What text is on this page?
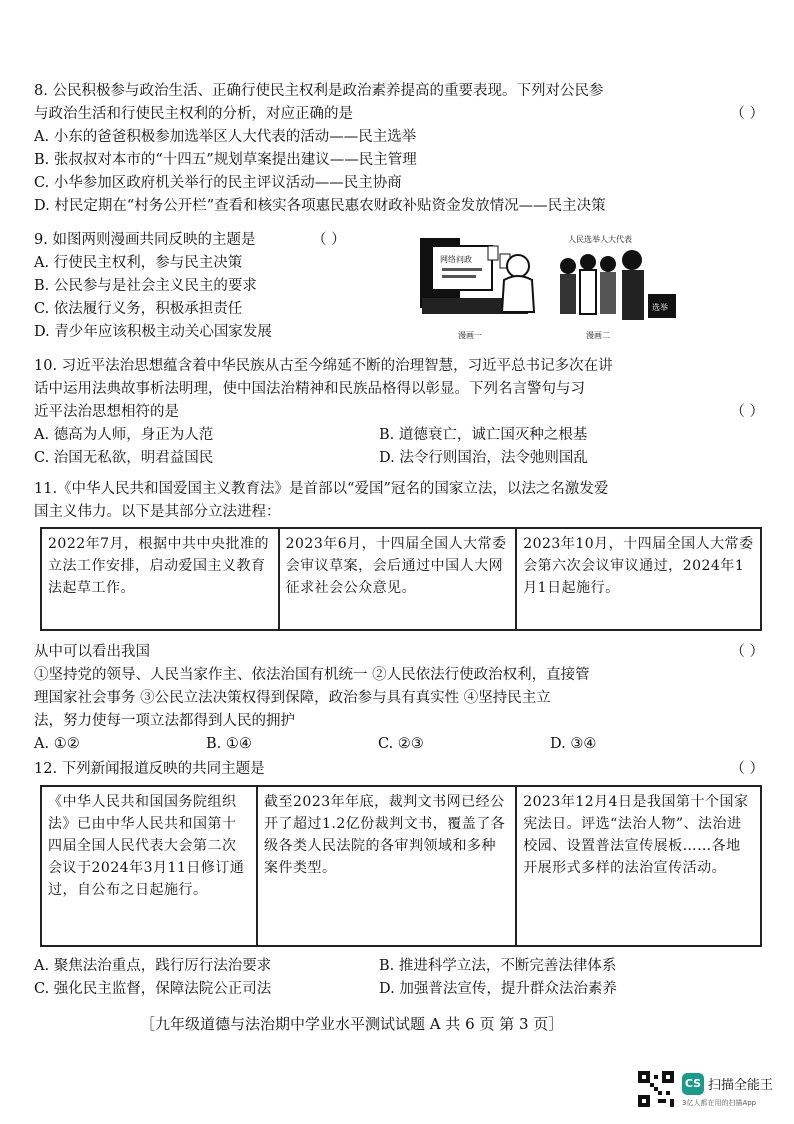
8. 公民积极参与政治生活、正确行使民主权利是政治素养提高的重要表现。下列对公民参
与政治生活和行使民主权利的分析，对应正确的是	（ ）
A. 小东的爸爸积极参加选举区人大代表的活动——民主选举
B. 张叔叔对本市的“十四五”规划草案提出建议——民主管理
C. 小华参加区政府机关举行的民主评议活动——民主协商
D. 村民定期在“村务公开栏”查看和核实各项惠民惠农财政补贴资金发放情况——民主决策
9. 如图两则漫画共同反映的主题是	（ ）
A. 行使民主权利，参与民主决策
B. 公民参与是社会主义民主的要求
C. 依法履行义务，积极承担责任
D. 青少年应该积极主动关心国家发展
网络问政
漫画一
人民选举人大代表
选举
漫画二
10. 习近平法治思想蕴含着中华民族从古至今绵延不断的治理智慧，习近平总书记多次在讲
话中运用法典故事析法明理，使中国法治精神和民族品格得以彰显。下列名言警句与习
近平法治思想相符的是	（ ）
A. 德高为人师，身正为人范	B. 道德衰亡，诚亡国灭种之根基
C. 治国无私欲，明君益国民	D. 法令行则国治，法令弛则国乱
11.《中华人民共和国爱国主义教育法》是首部以“爱国”冠名的国家立法，以法之名激发爱
国主义伟力。以下是其部分立法进程：
2022年7月，根据中共中央批准的立法工作安排，启动爱国主义教育法起草工作。	2023年6月，十四届全国人大常委会审议草案，会后通过中国人大网征求社会公众意见。	2023年10月，十四届全国人大常委会第六次会议审议通过，2024年1月1日起施行。
从中可以看出我国	（ ）
①坚持党的领导、人民当家作主、依法治国有机统一 ②人民依法行使政治权利，直接管
理国家社会事务 ③公民立法决策权得到保障，政治参与具有真实性 ④坚持民主立
法，努力使每一项立法都得到人民的拥护
A. ①②	B. ①④	C. ②③	D. ③④
12. 下列新闻报道反映的共同主题是	（ ）
《中华人民共和国国务院组织法》已由中华人民共和国第十四届全国人民代表大会第二次会议于2024年3月11日修订通过，自公布之日起施行。	截至2023年年底，裁判文书网已经公开了超过1.2亿份裁判文书，覆盖了各级各类人民法院的各审判领域和多种案件类型。	2023年12月4日是我国第十个国家宪法日。评选“法治人物”、法治进校园、设置普法宣传展板……各地开展形式多样的法治宣传活动。
A. 聚焦法治重点，践行厉行法治要求	B. 推进科学立法，不断完善法律体系
C. 强化民主监督，保障法院公正司法	D. 加强普法宣传，提升群众法治素养
［九年级道德与法治期中学业水平测试试题 A 共 6 页 第 3 页］
CS 扫描全能王
3亿人都在用的扫描App
